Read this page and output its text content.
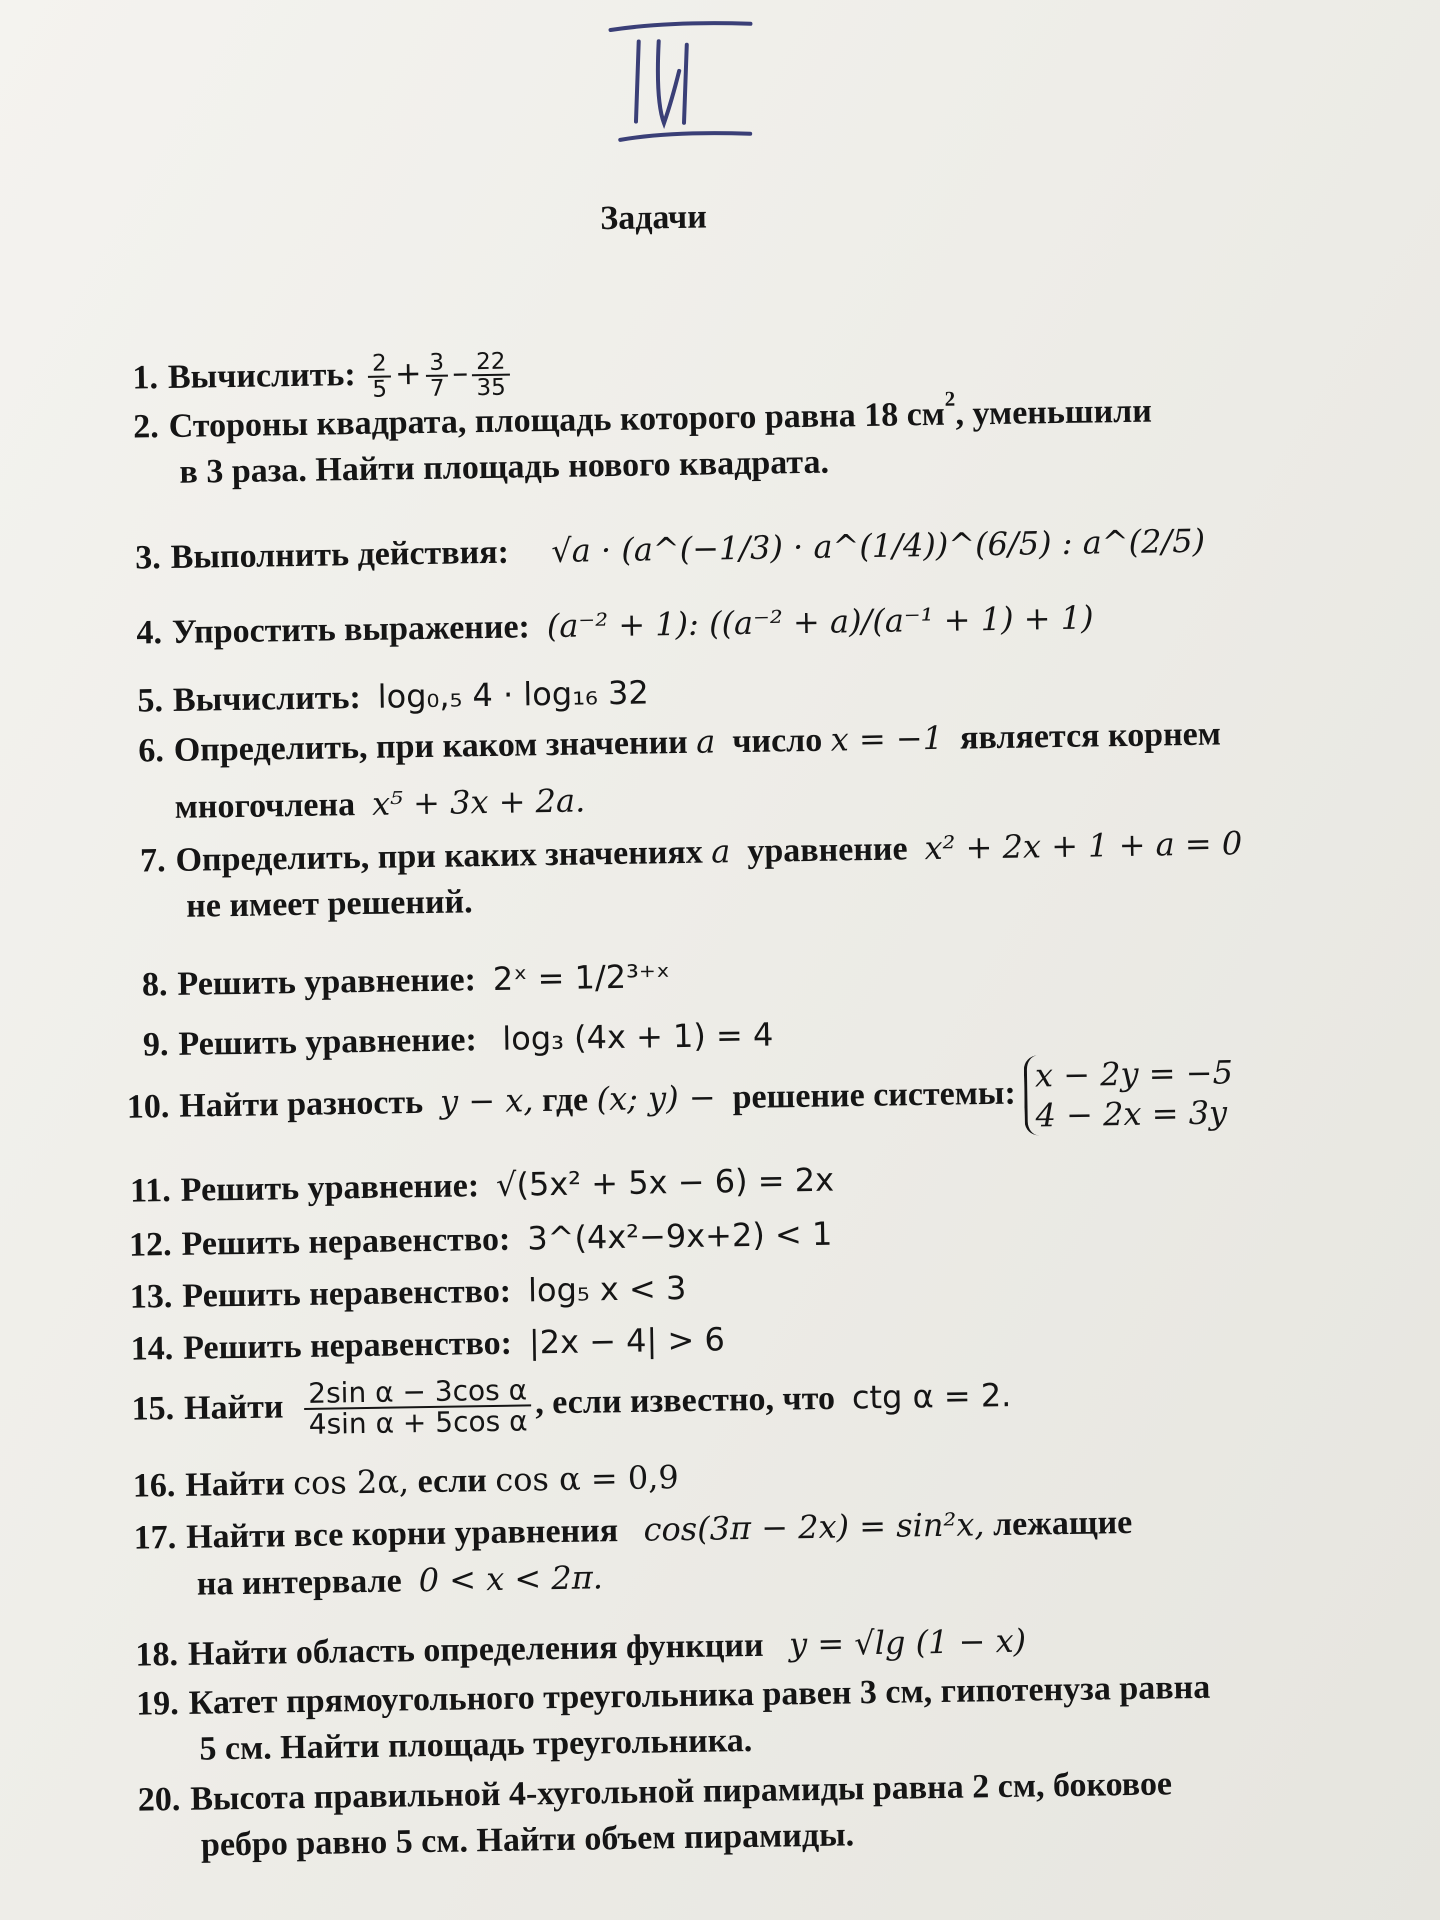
Задачи
1. Вычислить: $\frac{2}{5} + \frac{3}{7} - \frac{22}{35}$
2. Стороны квадрата, площадь которого равна 18 $см^2$, уменьшили
в 3 раза. Найти площадь нового квадрата.
3. Выполнить действия: √a · (a^(−1/3) · a^(1/4))^(6/5) : a^(2/5)
4. Упростить выражение: (a⁻² + 1): ((a⁻² + a)/(a⁻¹ + 1) + 1)
5. Вычислить: log₀,₅ 4 · log₁₆ 32
6. Определить, при каком значении a число x = −1 является корнем
многочлена x⁵ + 3x + 2a.
7. Определить, при каких значениях a уравнение x² + 2x + 1 + a = 0
не имеет решений.
8. Решить уравнение: 2ˣ = 1/2³⁺ˣ
9. Решить уравнение: log₃ (4x + 1) = 4
10. Найти разность y − x, где (x; y) − решение системы:
x − 2y = −5
4 − 2x = 3y
11. Решить уравнение: √(5x² + 5x − 6) = 2x
12. Решить неравенство: 3^(4x²−9x+2) < 1
13. Решить неравенство: log₅ x < 3
14. Решить неравенство: |2x − 4| > 6
15. Найти $\frac{\text{2sin α − 3cos α}}{\text{4sin α + 5cos α}}$ , если известно, что ctg α = 2.
16. Найти cos 2α, если cos α = 0,9
17. Найти все корни уравнения cos(3π − 2x) = sin²x, лежащие
на интервале 0 < x < 2π.
18. Найти область определения функции y = √lg (1 − x)
19. Катет прямоугольного треугольника равен 3 см, гипотенуза равна
5 см. Найти площадь треугольника.
20. Высота правильной 4-хугольной пирамиды равна 2 см, боковое
ребро равно 5 см. Найти объем пирамиды.
